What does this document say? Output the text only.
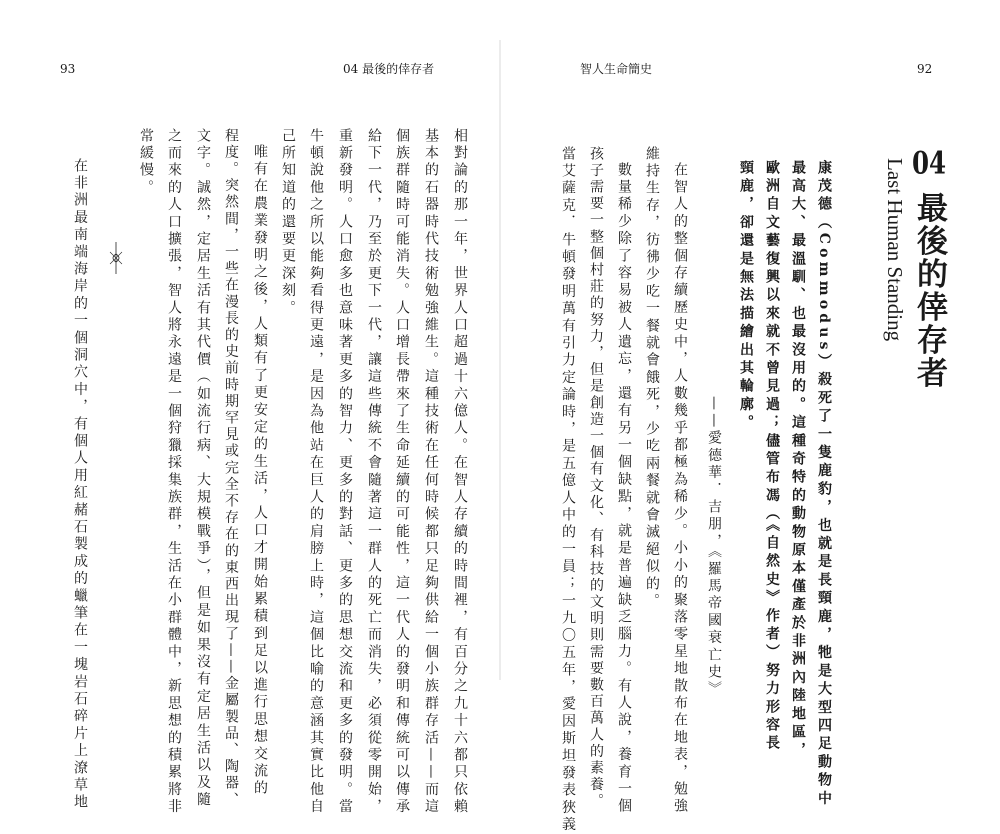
93	04 最後的倖存者
相對論的那一年，世界人口超過十六億人。在智人存續的時間裡，有百分之九十六都只依賴
基本的石器時代技術勉強維生。這種技術在任何時候都只足夠供給一個小族群存活——而這
個族群隨時可能消失。人口增長帶來了生命延續的可能性，這一代人的發明和傳統可以傳承
給下一代，乃至於更下一代，讓這些傳統不會隨著這一群人的死亡而消失，必須從零開始，
重新發明。人口愈多也意味著更多的智力、更多的對話、更多的思想交流和更多的發明。當
牛頓說他之所以能夠看得更遠，是因為他站在巨人的肩膀上時，這個比喻的意涵其實比他自
己所知道的還要更深刻。
唯有在農業發明之後，人類有了更安定的生活，人口才開始累積到足以進行思想交流的
程度。突然間，一些在漫長的史前時期罕見或完全不存在的東西出現了——金屬製品、陶器、
文字。誠然，定居生活有其代價（如流行病、大規模戰爭），但是如果沒有定居生活以及隨
之而來的人口擴張，智人將永遠是一個狩獵採集族群，生活在小群體中，新思想的積累將非
常緩慢。
在非洲最南端海岸的一個洞穴中，有個人用紅赭石製成的蠟筆在一塊岩石碎片上潦草地
智人生命簡史	92
04 最後的倖存者
Last Human Standing
康茂德（Commodus）殺死了一隻鹿豹，也就是長頸鹿，牠是大型四足動物中
最高大、最溫馴、也最沒用的。這種奇特的動物原本僅產於非洲內陸地區，
歐洲自文藝復興以來就不曾見過；儘管布馮（《自然史》作者）努力形容長
頸鹿，卻還是無法描繪出其輪廓。
——愛德華．吉朋，《羅馬帝國衰亡史》
在智人的整個存續歷史中，人數幾乎都極為稀少。小小的聚落零星地散布在地表，勉強
維持生存，彷彿少吃一餐就會餓死，少吃兩餐就會滅絕似的。
數量稀少除了容易被人遺忘，還有另一個缺點，就是普遍缺乏腦力。有人說，養育一個
孩子需要一整個村莊的努力，但是創造一個有文化、有科技的文明則需要數百萬人的素養。
當艾薩克．牛頓發明萬有引力定論時，是五億人中的一員；一九〇五年，愛因斯坦發表狹義
